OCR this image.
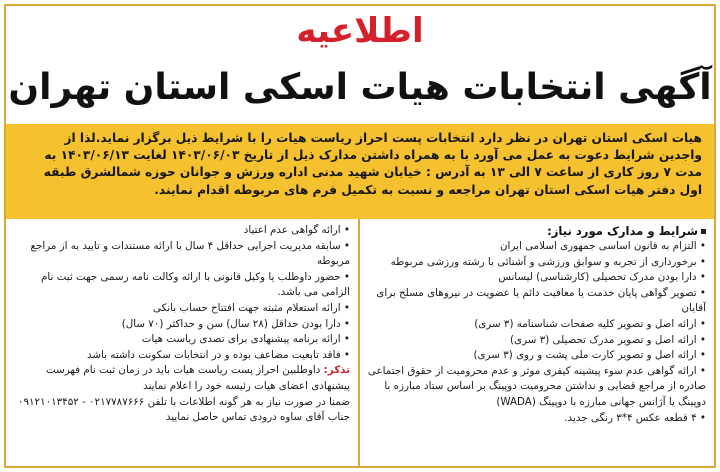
اطلاعیه
آگهی انتخابات هیات اسکی استان تهران

هیات اسکی استان تهران در نظر دارد انتخابات پست احراز ریاست هیات را با شرایط ذیل برگزار نماید.لذا از واجدین شرایط دعوت به عمل می آورد با به همراه داشتن مدارک ذیل از تاریخ ۱۴۰۳/۰۶/۰۳ لغایت ۱۴۰۳/۰۶/۱۳ به مدت ۷ روز کاری از ساعت ۷ الی ۱۳ به آدرس : خیابان شهید مدنی اداره ورزش و جوانان حوزه شمالشرق طبقه اول دفتر هیات اسکی استان تهران مراجعه و نسبت به تکمیل فرم های مربوطه اقدام نمایند.

شرایط و مدارک مورد نیاز:
• التزام به قانون اساسی جمهوری اسلامی ایران
• برخورداری از تجربه و سوابق ورزشی و آشنائی با رشته ورزشی مربوطه
• دارا بودن مدرک تحصیلی (کارشناسی) لیسانس
• تصویر گواهی پایان خدمت یا معافیت دائم یا عضویت در نیروهای مسلح برای آقایان
• ارائه اصل و تصویر کلیه صفحات شناسنامه (۳ سری)
• ارائه اصل و تصویر مدرک تحصیلی (۳ سری)
• ارائه اصل و تصویر کارت ملی پشت و روی (۳ سری)
• ارائه گواهی عدم سوء پیشینه کیفری موثر و عدم محرومیت از حقوق اجتماعی صادره از مراجع قضایی و نداشتن محرومیت دوپینگ بر اساس ستاد مبارزه با دوپینگ یا آژانس جهانی مبارزه با دوپینگ (WADA)
• ۴ قطعه عکس ۴*۳ رنگی جدید.
• ارائه گواهی عدم اعتیاد
• سابقه مدیریت اجرایی حداقل ۴ سال با ارائه مستندات و تایید به از مراجع مربوطه
• حضور داوطلب یا وکیل قانونی با ارائه وکالت نامه رسمی جهت ثبت نام الزامی می باشد.
• ارائه استعلام مثبته جهت افتتاح حساب بانکی
• دارا بودن حداقل (۲۸ سال) سن و حداکثر (۷۰ سال)
• ارائه برنامه پیشنهادی برای تصدی ریاست هیات
• فاقد تابعیت مضاعف بوده و در انتخابات سکونت داشته باشد
تذکر: داوطلبین احراز پست ریاست هیات باید در زمان ثبت نام فهرست پیشنهادی اعضای هیات رئیسه خود را اعلام نمایند
ضمنا در صورت نیاز به هر گونه اطلاعات با تلفن ۰۲۱۷۷۸۷۶۶۶ - ۰۹۱۲۱۰۱۳۴۵۲
جناب آقای ساوه درودی تماس حاصل نمایید
